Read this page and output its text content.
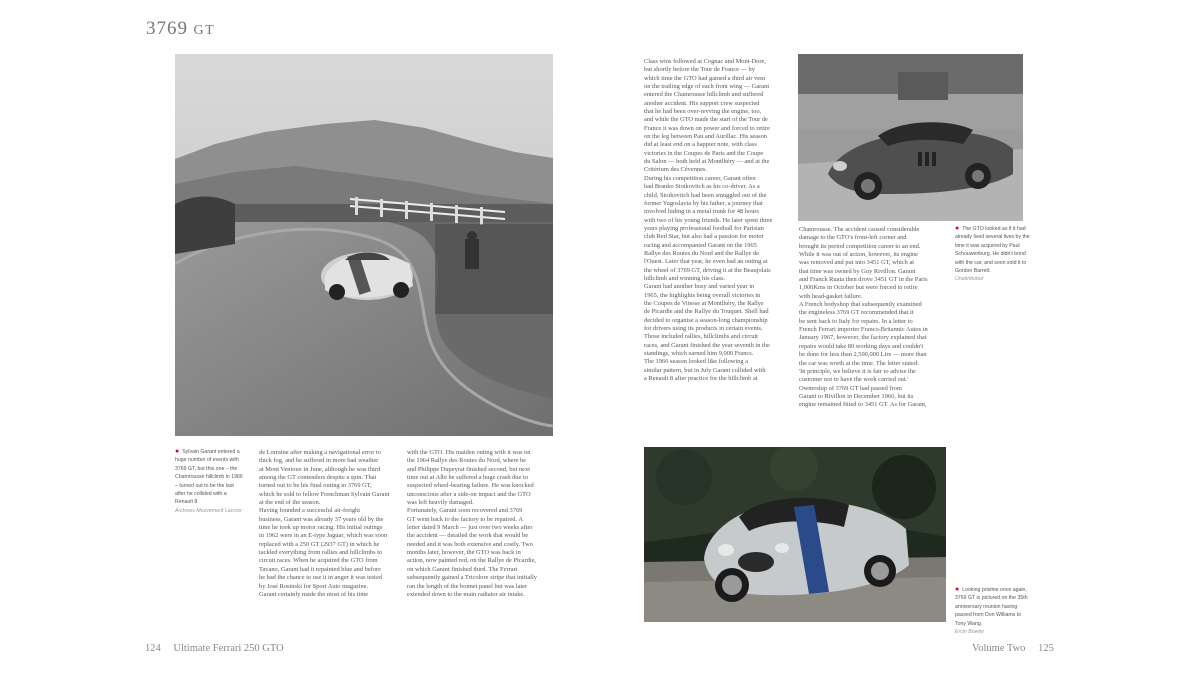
3769 GT
● Sylvain Garant entered a huge number of events with 3769 GT, but this one – the Chamrousse hillclimb in 1966 – turned out to be the last after he collided with a Renault 8.
Archives Mouvement Lacroix
de Lorraine after making a navigational error to
thick fog, and he suffered in more bad weather
at Mont Ventoux in June, although he was third
among the GT contenders despite a spin. That
turned out to be his final outing in 3769 GT,
which he sold to fellow Frenchman Sylvain Garant
at the end of the season.
Having founded a successful air-freight
business, Garant was already 37 years old by the
time he took up motor racing. His initial outings
in 1962 were in an E-type Jaguar, which was soon
replaced with a 250 GT (2937 GT) in which he
tackled everything from rallies and hillclimbs to
circuit races. When he acquired the GTO from
Tavano, Garant had it repainted blue and before
he had the chance to use it in anger it was tested
by José Rosinski for Sport Auto magazine.
Garant certainly made the most of his time
with the GTO. His maiden outing with it was on
the 1964 Rallye des Routes du Nord, where he
and Philippe Dupeyrat finished second, but next
time out at Albi he suffered a huge crash due to
suspected wheel-bearing failure. He was knocked
unconscious after a side-on impact and the GTO
was left heavily damaged.
Fortunately, Garant soon recovered and 3769
GT went back to the factory to be repaired. A
letter dated 9 March — just over two weeks after
the accident — detailed the work that would be
needed and it was both extensive and costly. Two
months later, however, the GTO was back in
action, now painted red, on the Rallye de Picardie,
on which Garant finished third. The Ferrari
subsequently gained a Tricolore stripe that initially
ran the length of the bonnet panel but was later
extended down to the main radiator air intake.
Class wins followed at Cognac and Mont-Dore,
but shortly before the Tour de France — by
which time the GTO had gained a third air vent
on the trailing edge of each front wing — Garant
entered the Chamrousse hillclimb and suffered
another accident. His support crew suspected
that he had been over-revving the engine, too,
and while the GTO made the start of the Tour de
France it was down on power and forced to retire
on the leg between Pau and Aurillac. His season
did at least end on a happier note, with class
victories in the Coupes de Paris and the Coupe
du Salon — both held at Montlhéry — and at the
Critérium des Cévennes.
During his competition career, Garant often
had Branko Stoikovitch as his co-driver. As a
child, Stoikovitch had been smuggled out of the
former Yugoslavia by his father, a journey that
involved hiding in a metal trunk for 48 hours
with two of his young friends. He later spent three
years playing professional football for Parisian
club Red Star, but also had a passion for motor
racing and accompanied Garant on the 1965
Rallye des Routes du Nord and the Rallye de
l'Ouest. Later that year, he even had an outing at
the wheel of 3769 GT, driving it at the Beaujolais
hillclimb and winning his class.
Garant had another busy and varied year in
1965, the highlights being overall victories in
the Coupes de Vitesse at Montlhéry, the Rallye
de Picardie and the Rallye du Touquet. Shell had
decided to organise a season-long championship
for drivers using its products in certain events.
Those included rallies, hillclimbs and circuit
races, and Garant finished the year seventh in the
standings, which earned him 9,000 Francs.
The 1966 season looked like following a
similar pattern, but in July Garant collided with
a Renault 8 after practice for the hillclimb at
● The GTO looked as if it had already lived several lives by the time it was acquired by Paul Schouwenburg. He didn't bond with the car, and soon sold it to Gordon Barrett.
Unattributed
Chamrousse. The accident caused considerable
damage to the GTO's front-left corner and
brought its period competition career to an end.
While it was out of action, however, its engine
was removed and put into 3451 GT, which at
that time was owned by Guy Rivillon. Garant
and Franck Ruata then drove 3451 GT in the Paris
1,000Kms in October but were forced to retire
with head-gasket failure.
A French bodyshop that subsequently examined
the engineless 3769 GT recommended that it
be sent back to Italy for repairs. In a letter to
French Ferrari importer Franco-Britannic Autos in
January 1967, however, the factory explained that
repairs would take 80 working days and couldn't
be done for less than 2,500,000 Lire — more than
the car was worth at the time. The letter stated:
'In principle, we believe it is fair to advise the
customer not to have the work carried out.'
Ownership of 3769 GT had passed from
Garant to Rivillon in December 1966, but its
engine remained fitted to 3451 GT. As for Garant,
● Looking pristine once again, 3769 GT is pictured on the 35th anniversary reunion having passed from Don Williams to Tony Wang.
Ercin Bowler
124 Ultimate Ferrari 250 GTO	Volume Two 125
